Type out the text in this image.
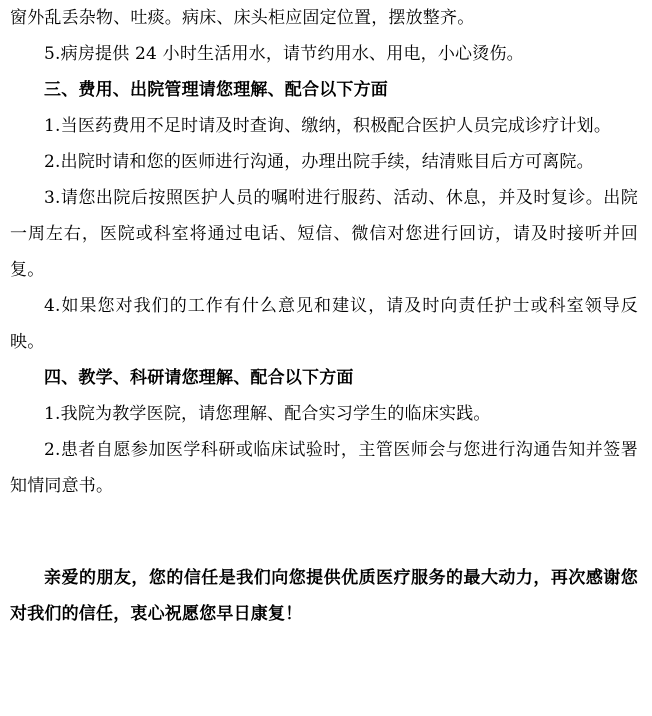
窗外乱丢杂物、吐痰。病床、床头柜应固定位置，摆放整齐。

5.病房提供 24 小时生活用水，请节约用水、用电，小心烫伤。

三、费用、出院管理请您理解、配合以下方面

1.当医药费用不足时请及时查询、缴纳，积极配合医护人员完成诊疗计划。

2.出院时请和您的医师进行沟通，办理出院手续，结清账目后方可离院。

3.请您出院后按照医护人员的嘱咐进行服药、活动、休息，并及时复诊。出院一周左右，医院或科室将通过电话、短信、微信对您进行回访，请及时接听并回复。

4.如果您对我们的工作有什么意见和建议，请及时向责任护士或科室领导反映。

四、教学、科研请您理解、配合以下方面

1.我院为教学医院，请您理解、配合实习学生的临床实践。

2.患者自愿参加医学科研或临床试验时，主管医师会与您进行沟通告知并签署知情同意书。

亲爱的朋友，您的信任是我们向您提供优质医疗服务的最大动力，再次感谢您对我们的信任，衷心祝愿您早日康复！
